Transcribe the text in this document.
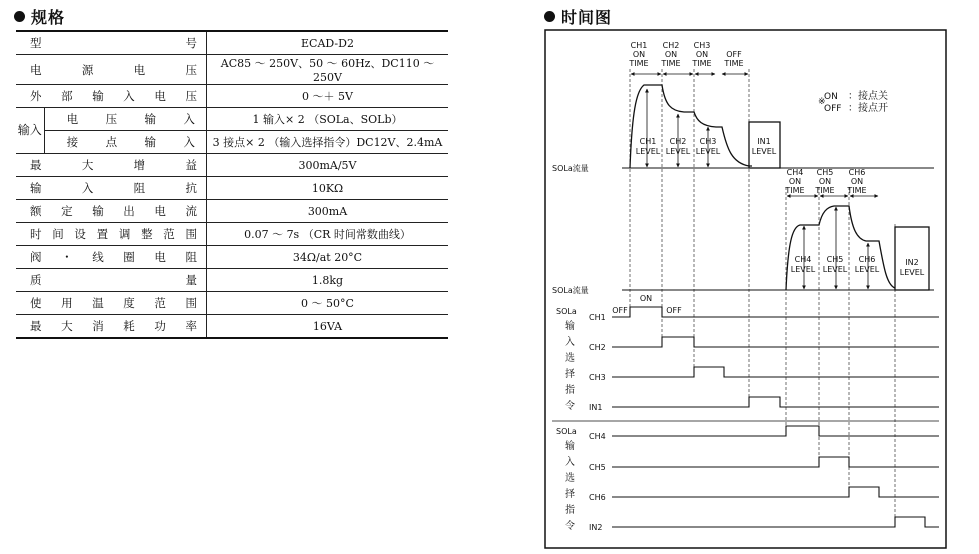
规格
型号		ECAD-D2
电源电压		AC85 ～ 250V、50 ～ 60Hz、DC110 ～ 250V
外部输入电压		0 ～＋ 5V
输入	电压输入	1 输入× 2 （SOLa、SOLb）
	接点输入	3 接点× 2 （输入选择指令）DC12V、2.4mA
最大增益		300mA/5V
输入阻抗		10KΩ
额定输出电流		300mA
时间设置调整范围		0.07 ～ 7s （CR 时间常数曲线）
阀・线圈电阻		34Ω/at 20°C
质量		1.8kg
使用温度范围		0 ～ 50°C
最大消耗功率		16VA
时间图
※
ON ：接点关
OFF ：接点开
SOLa流量
SOLa流量
CH1
ON
TIME
CH2
ON
TIME
CH3
ON
TIME
OFF
TIME
CH1
LEVEL
CH2
LEVEL
CH3
LEVEL
IN1
LEVEL
CH4
ON
TIME
CH5
ON
TIME
CH6
ON
TIME
CH4
LEVEL
CH5
LEVEL
CH6
LEVEL
IN2
LEVEL
ON
OFF	OFF
SOLa
输
入
选
择
指
令
CH1
CH2
CH3
IN1
SOLa
输
入
选
择
指
令
CH4
CH5
CH6
IN2
